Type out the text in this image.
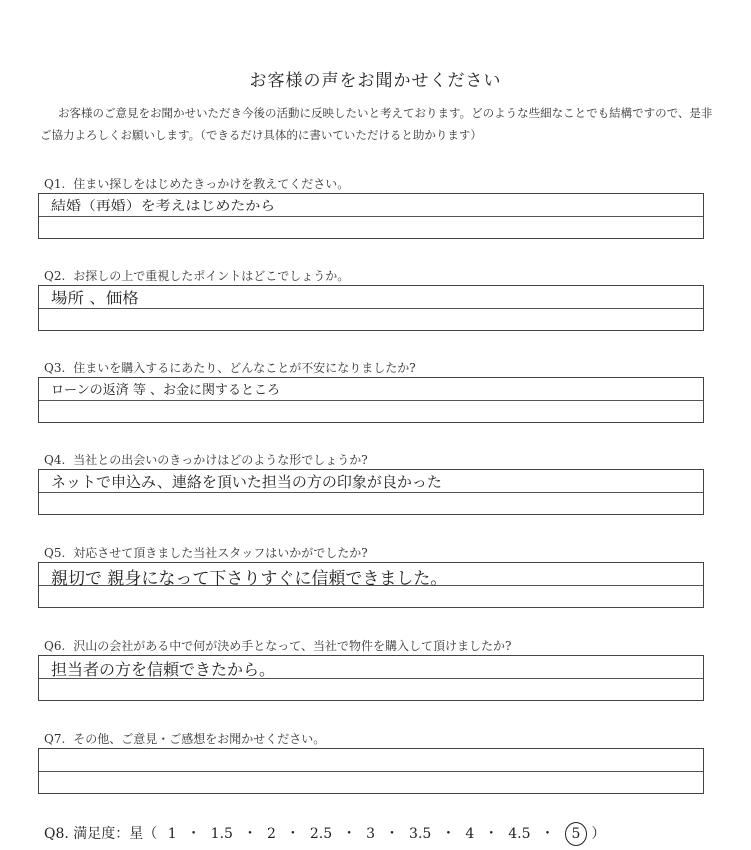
お客様の声をお聞かせください
お客様のご意見をお聞かせいただき今後の活動に反映したいと考えております。どのような些細なことでも結構ですので、是非ご協力よろしくお願いします。（できるだけ具体的に書いていただけると助かります）
Q1. 住まい探しをはじめたきっかけを教えてください。
結婚（再婚）を考えはじめたから
Q2. お探しの上で重視したポイントはどこでしょうか。
場所 、価格
Q3. 住まいを購入するにあたり、どんなことが不安になりましたか?
ローンの返済 等 、お金に関するところ
Q4. 当社との出会いのきっかけはどのような形でしょうか?
ネットで申込み、連絡を頂いた担当の方の印象が良かった
Q5. 対応させて頂きました当社スタッフはいかがでしたか?
親切で 親身になって下さりすぐに信頼できました。
Q6. 沢山の会社がある中で何が決め手となって、当社で物件を購入して頂けましたか?
担当者の方を信頼できたから。
Q7. その他、ご意見・ご感想をお聞かせください。
Q8. 満足度：星（ 1 ・ 1.5 ・ 2 ・ 2.5 ・ 3 ・ 3.5 ・ 4 ・ 4.5 ・ 5 ）
